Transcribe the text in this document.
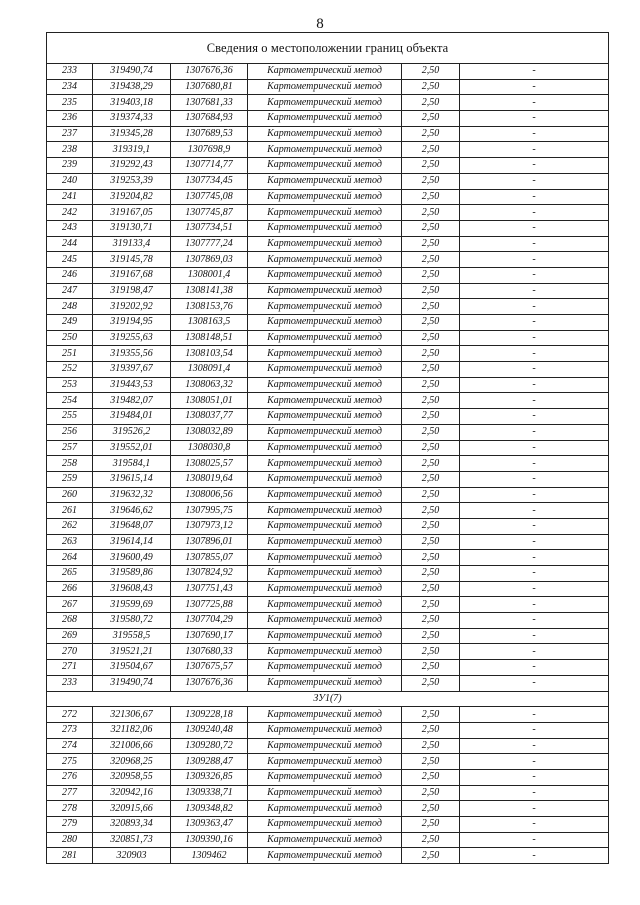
8
Сведения о местоположении границ объекта
233	319490,74	1307676,36	Картометрический метод	2,50	-
234	319438,29	1307680,81	Картометрический метод	2,50	-
235	319403,18	1307681,33	Картометрический метод	2,50	-
236	319374,33	1307684,93	Картометрический метод	2,50	-
237	319345,28	1307689,53	Картометрический метод	2,50	-
238	319319,1	1307698,9	Картометрический метод	2,50	-
239	319292,43	1307714,77	Картометрический метод	2,50	-
240	319253,39	1307734,45	Картометрический метод	2,50	-
241	319204,82	1307745,08	Картометрический метод	2,50	-
242	319167,05	1307745,87	Картометрический метод	2,50	-
243	319130,71	1307734,51	Картометрический метод	2,50	-
244	319133,4	1307777,24	Картометрический метод	2,50	-
245	319145,78	1307869,03	Картометрический метод	2,50	-
246	319167,68	1308001,4	Картометрический метод	2,50	-
247	319198,47	1308141,38	Картометрический метод	2,50	-
248	319202,92	1308153,76	Картометрический метод	2,50	-
249	319194,95	1308163,5	Картометрический метод	2,50	-
250	319255,63	1308148,51	Картометрический метод	2,50	-
251	319355,56	1308103,54	Картометрический метод	2,50	-
252	319397,67	1308091,4	Картометрический метод	2,50	-
253	319443,53	1308063,32	Картометрический метод	2,50	-
254	319482,07	1308051,01	Картометрический метод	2,50	-
255	319484,01	1308037,77	Картометрический метод	2,50	-
256	319526,2	1308032,89	Картометрический метод	2,50	-
257	319552,01	1308030,8	Картометрический метод	2,50	-
258	319584,1	1308025,57	Картометрический метод	2,50	-
259	319615,14	1308019,64	Картометрический метод	2,50	-
260	319632,32	1308006,56	Картометрический метод	2,50	-
261	319646,62	1307995,75	Картометрический метод	2,50	-
262	319648,07	1307973,12	Картометрический метод	2,50	-
263	319614,14	1307896,01	Картометрический метод	2,50	-
264	319600,49	1307855,07	Картометрический метод	2,50	-
265	319589,86	1307824,92	Картометрический метод	2,50	-
266	319608,43	1307751,43	Картометрический метод	2,50	-
267	319599,69	1307725,88	Картометрический метод	2,50	-
268	319580,72	1307704,29	Картометрический метод	2,50	-
269	319558,5	1307690,17	Картометрический метод	2,50	-
270	319521,21	1307680,33	Картометрический метод	2,50	-
271	319504,67	1307675,57	Картометрический метод	2,50	-
233	319490,74	1307676,36	Картометрический метод	2,50	-
ЗУ1(7)					
272	321306,67	1309228,18	Картометрический метод	2,50	-
273	321182,06	1309240,48	Картометрический метод	2,50	-
274	321006,66	1309280,72	Картометрический метод	2,50	-
275	320968,25	1309288,47	Картометрический метод	2,50	-
276	320958,55	1309326,85	Картометрический метод	2,50	-
277	320942,16	1309338,71	Картометрический метод	2,50	-
278	320915,66	1309348,82	Картометрический метод	2,50	-
279	320893,34	1309363,47	Картометрический метод	2,50	-
280	320851,73	1309390,16	Картометрический метод	2,50	-
281	320903	1309462	Картометрический метод	2,50	-
